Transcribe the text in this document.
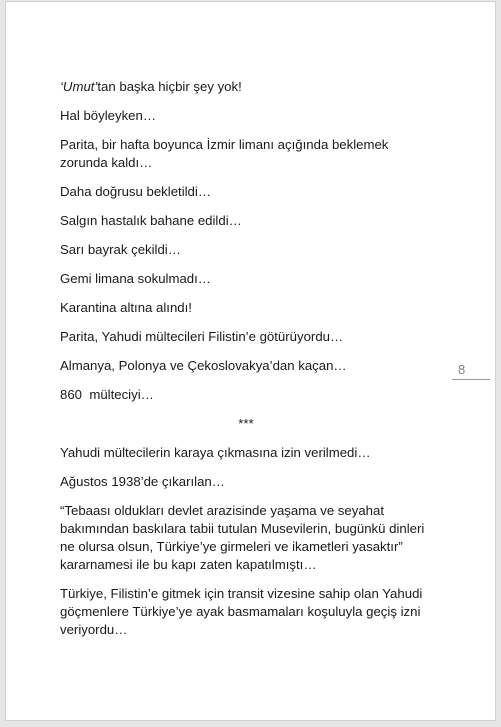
‘Umut’tan başka hiçbir şey yok!

Hal böyleyken…

Parita, bir hafta boyunca İzmir limanı açığında beklemek zorunda kaldı…

Daha doğrusu bekletildi…

Salgın hastalık bahane edildi…

Sarı bayrak çekildi…

Gemi limana sokulmadı…

Karantina altına alındı!

Parita, Yahudi mültecileri Filistin’e götürüyordu…

Almanya, Polonya ve Çekoslovakya’dan kaçan…

860  mülteciyi…

***

Yahudi mültecilerin karaya çıkmasına izin verilmedi…

Ağustos 1938’de çıkarılan…

“Tebaası oldukları devlet arazisinde yaşama ve seyahat bakımından baskılara tabii tutulan Musevilerin, bugünkü dinleri ne olursa olsun, Türkiye’ye girmeleri ve ikametleri yasaktır” kararnamesi ile bu kapı zaten kapatılmıştı…

Türkiye, Filistin’e gitmek için transit vizesine sahip olan Yahudi göçmenlere Türkiye’ye ayak basmamaları koşuluyla geçiş izni veriyordu…

8
